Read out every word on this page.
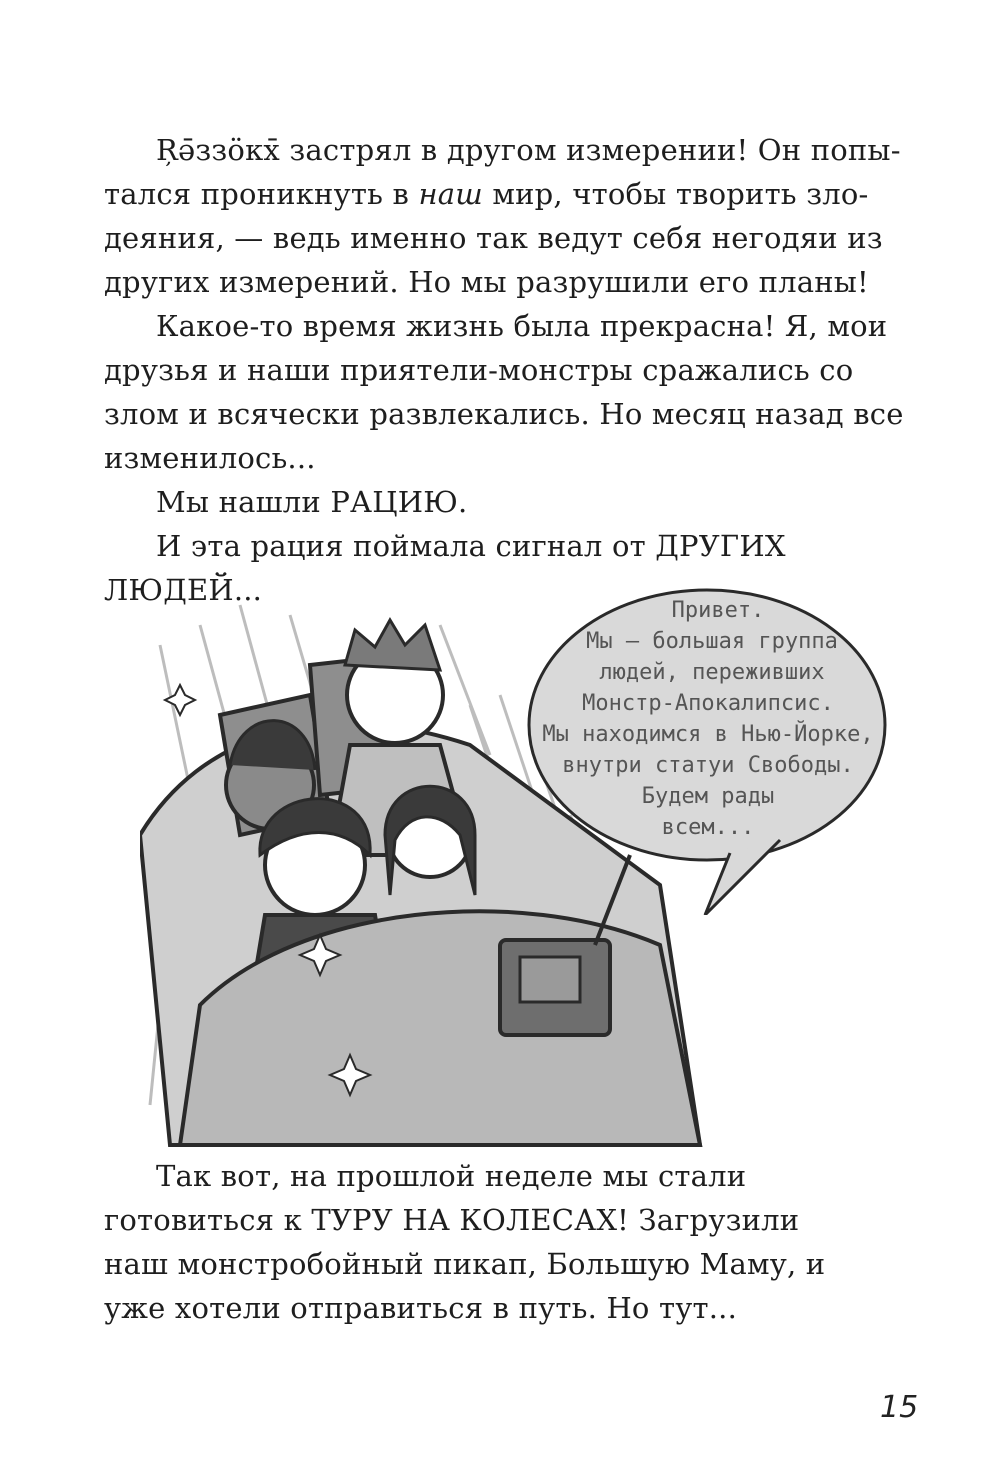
Ŗә̄ззӧкх̄ застрял в другом измерении! Он попы-
тался проникнуть в наш мир, чтобы творить зло-
деяния, — ведь именно так ведут себя негодяи из
других измерений. Но мы разрушили его планы!
Какое-то время жизнь была прекрасна! Я, мои
друзья и наши приятели-монстры сражались со
злом и всячески развлекались. Но месяц назад все
изменилось...
Мы нашли РАЦИЮ.
И эта рация поймала сигнал от ДРУГИХ
ЛЮДЕЙ...
Привет.
Мы — большая группа
людей, переживших
Монстр-Апокалипсис.
Мы находимся в Нью-Йорке,
внутри статуи Свободы.
Будем рады
всем...
Так вот, на прошлой неделе мы стали
готовиться к ТУРУ НА КОЛЕСАХ! Загрузили
наш монстробойный пикап, Большую Маму, и
уже хотели отправиться в путь. Но тут...
15
